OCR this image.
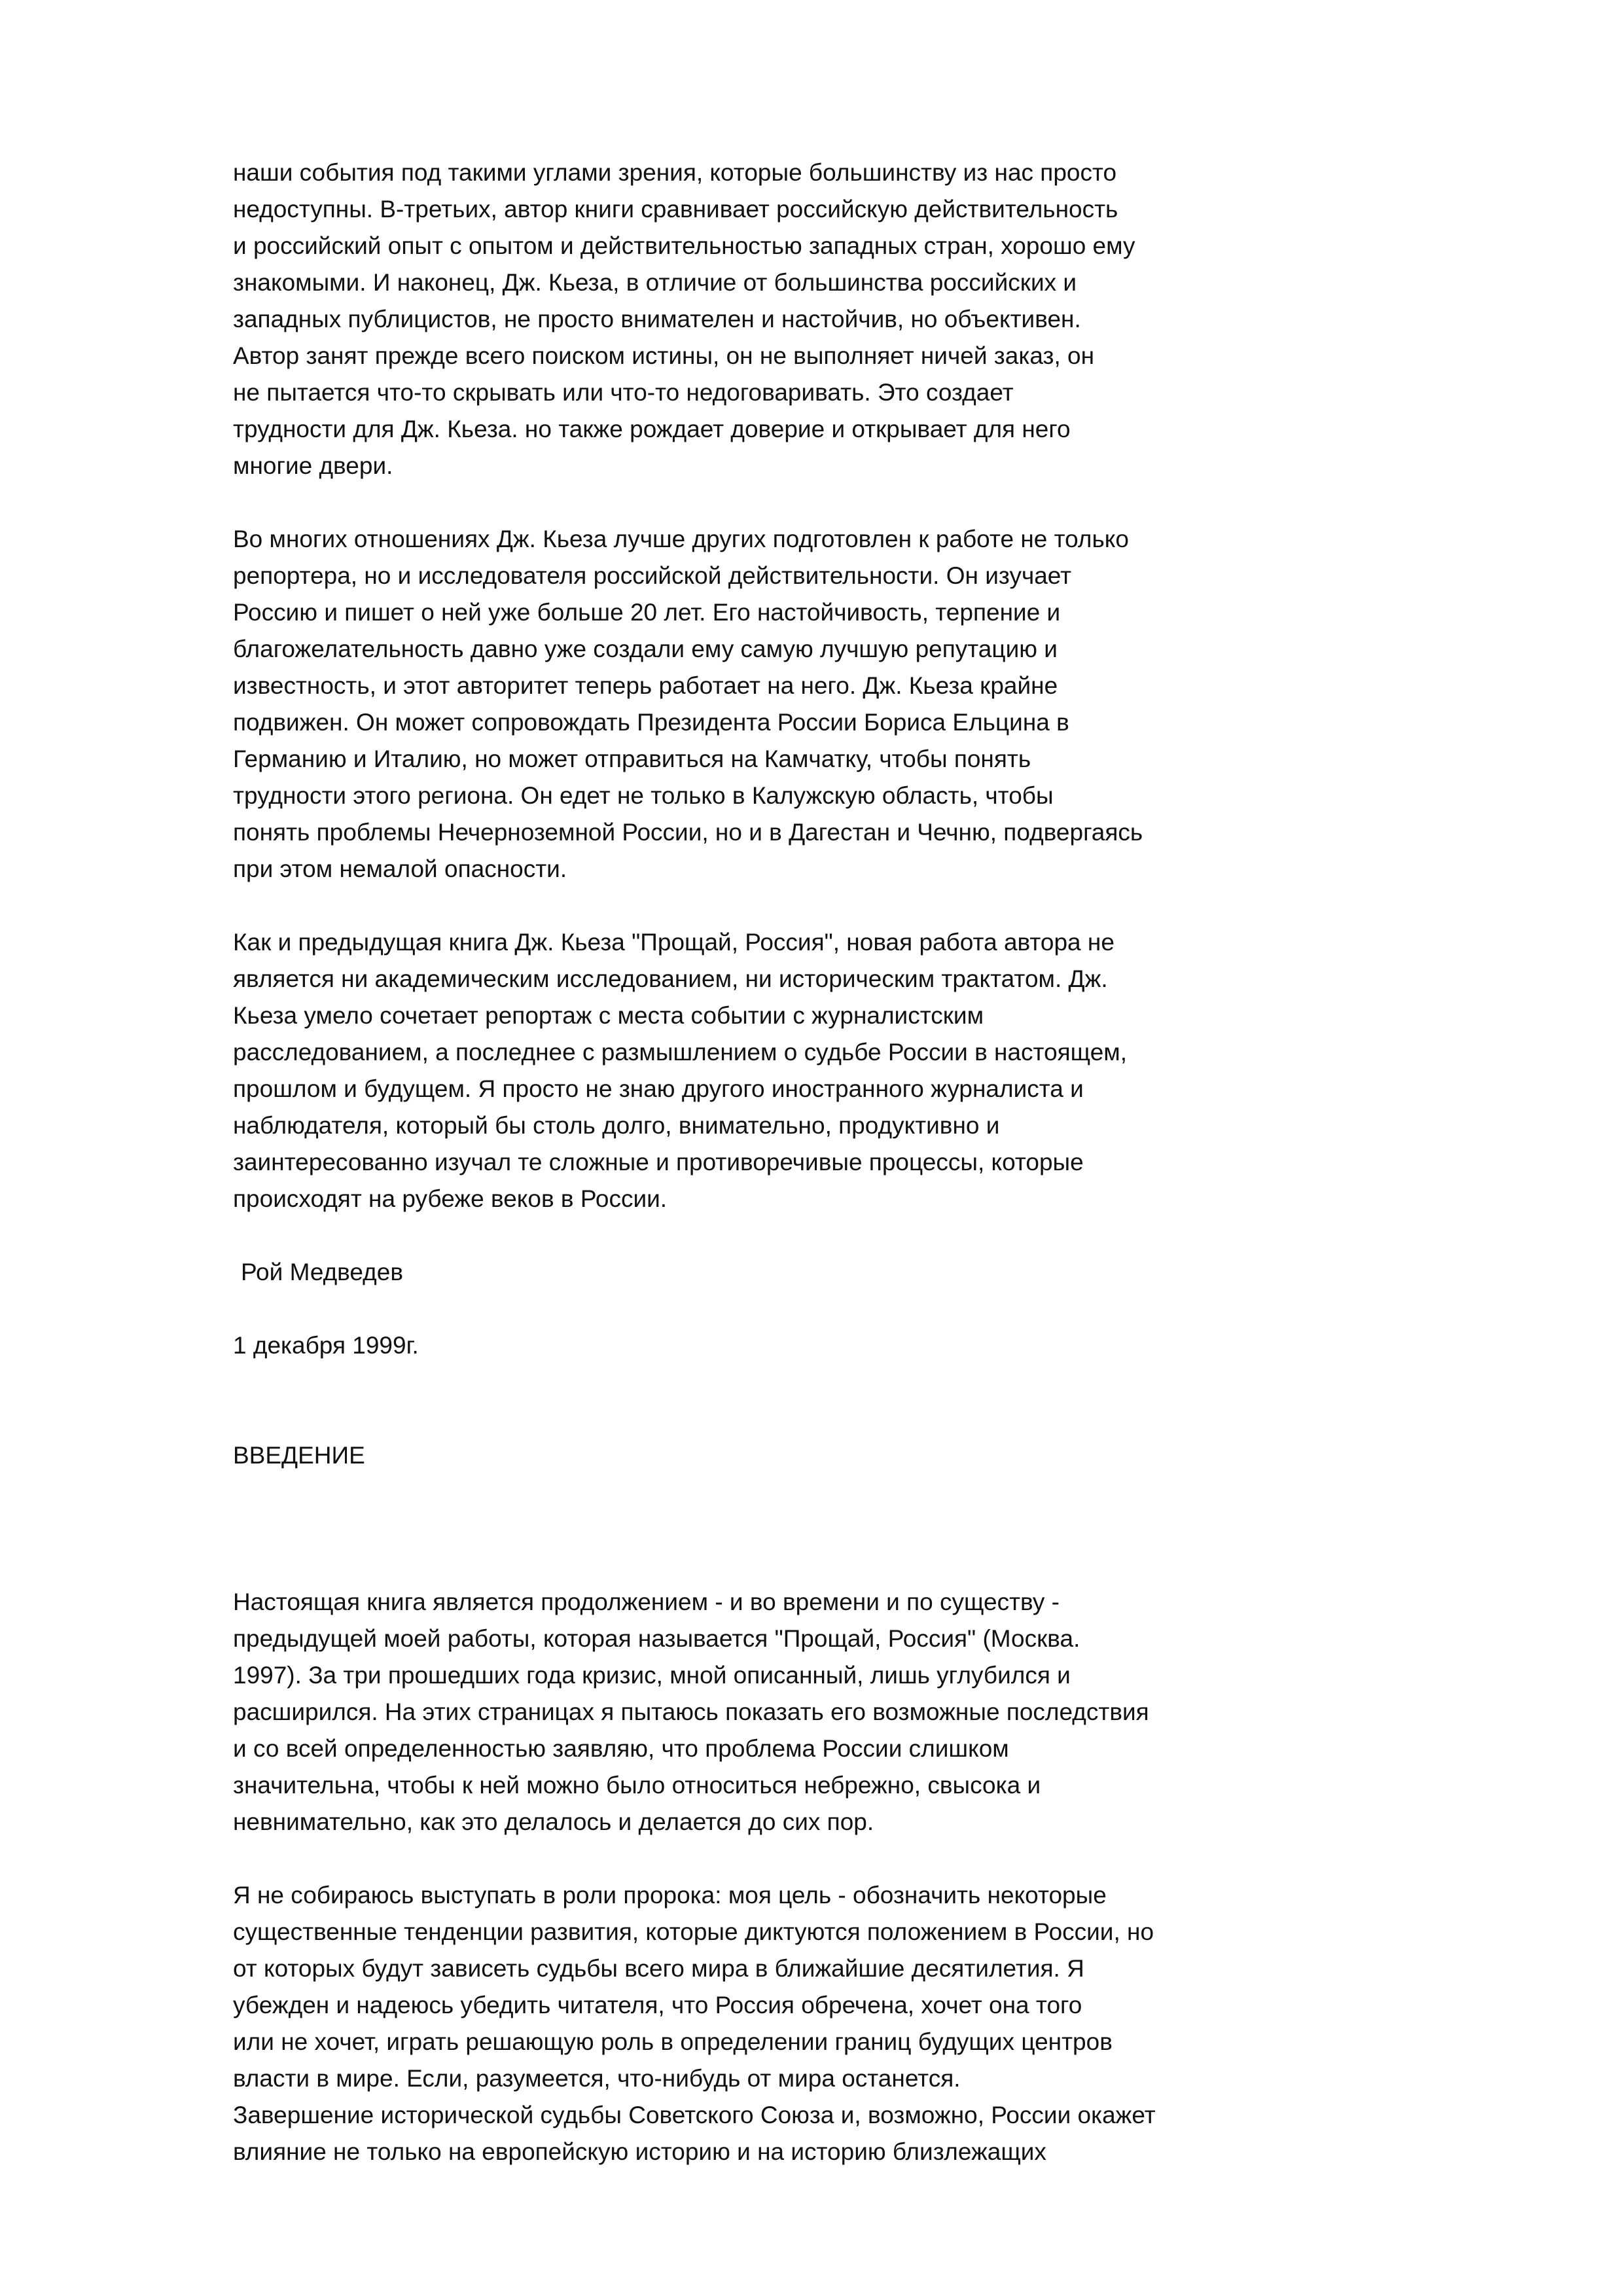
наши события под такими углами зрения, которые большинству из нас просто
недоступны. В-третьих, автор книги сравнивает российскую действительность
и российский опыт с опытом и действительностью западных стран, хорошо ему
знакомыми. И наконец, Дж. Кьеза, в отличие от большинства российских и
западных публицистов, не просто внимателен и настойчив, но объективен.
Автор занят прежде всего поиском истины, он не выполняет ничей заказ, он
не пытается что-то скрывать или что-то недоговаривать. Это создает
трудности для Дж. Кьеза. но также рождает доверие и открывает для него
многие двери.

Во многих отношениях Дж. Кьеза лучше других подготовлен к работе не только
репортера, но и исследователя российской действительности. Он изучает
Россию и пишет о ней уже больше 20 лет. Его настойчивость, терпение и
благожелательность давно уже создали ему самую лучшую репутацию и
известность, и этот авторитет теперь работает на него. Дж. Кьеза крайне
подвижен. Он может сопровождать Президента России Бориса Ельцина в
Германию и Италию, но может отправиться на Камчатку, чтобы понять
трудности этого региона. Он едет не только в Калужскую область, чтобы
понять проблемы Нечерноземной России, но и в Дагестан и Чечню, подвергаясь
при этом немалой опасности.

Как и предыдущая книга Дж. Кьеза "Прощай, Россия", новая работа автора не
является ни академическим исследованием, ни историческим трактатом. Дж.
Кьеза умело сочетает репортаж с места событии с журналистским
расследованием, а последнее с размышлением о судьбе России в настоящем,
прошлом и будущем. Я просто не знаю другого иностранного журналиста и
наблюдателя, который бы столь долго, внимательно, продуктивно и
заинтересованно изучал те сложные и противоречивые процессы, которые
происходят на рубеже веков в России.

Рой Медведев

1 декабря 1999г.

ВВЕДЕНИЕ

Настоящая книга является продолжением - и во времени и по существу -
предыдущей моей работы, которая называется "Прощай, Россия" (Москва.
1997). За три прошедших года кризис, мной описанный, лишь углубился и
расширился. На этих страницах я пытаюсь показать его возможные последствия
и со всей определенностью заявляю, что проблема России слишком
значительна, чтобы к ней можно было относиться небрежно, свысока и
невнимательно, как это делалось и делается до сих пор.

Я не собираюсь выступать в роли пророка: моя цель - обозначить некоторые
существенные тенденции развития, которые диктуются положением в России, но
от которых будут зависеть судьбы всего мира в ближайшие десятилетия. Я
убежден и надеюсь убедить читателя, что Россия обречена, хочет она того
или не хочет, играть решающую роль в определении границ будущих центров
власти в мире. Если, разумеется, что-нибудь от мира останется.
Завершение исторической судьбы Советского Союза и, возможно, России окажет
влияние не только на европейскую историю и на историю близлежащих
